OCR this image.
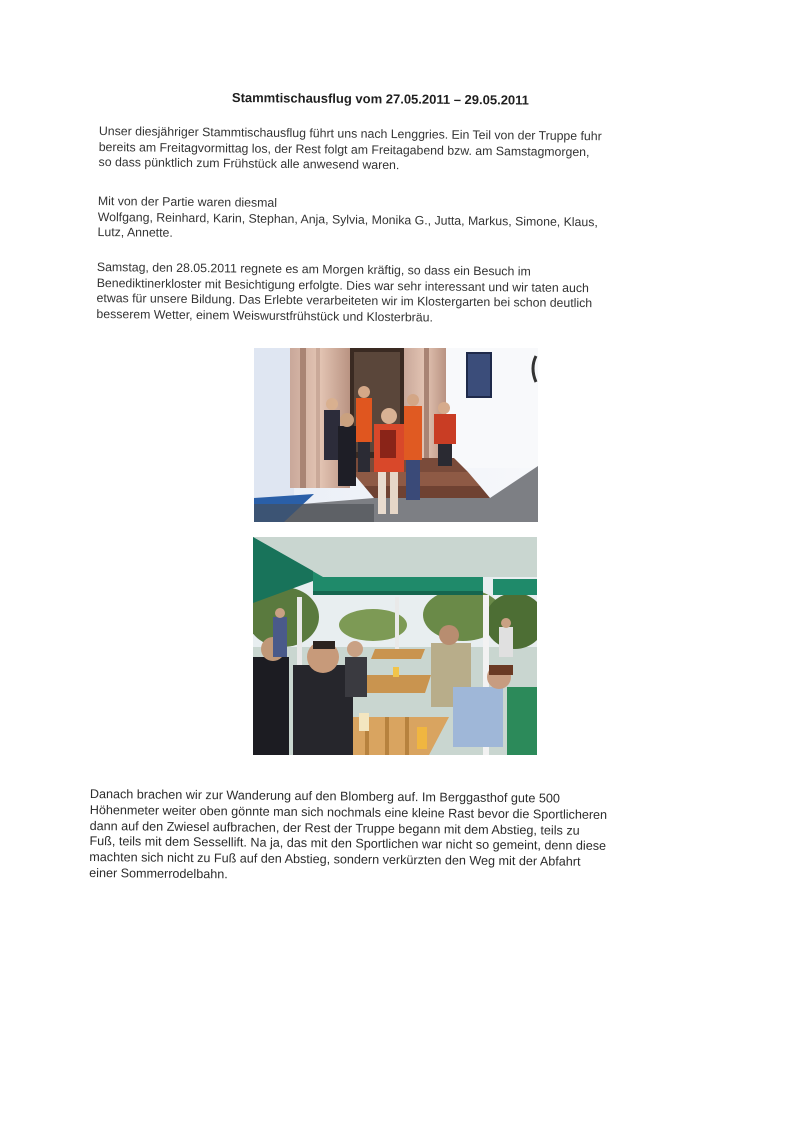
Stammtischausflug vom 27.05.2011 – 29.05.2011
Unser diesjähriger Stammtischausflug führt uns nach Lenggries. Ein Teil von der Truppe fuhr
bereits am Freitagvormittag los, der Rest folgt am Freitagabend bzw. am Samstagmorgen,
so dass pünktlich zum Frühstück alle anwesend waren.
Mit von der Partie waren diesmal
Wolfgang, Reinhard, Karin, Stephan, Anja, Sylvia, Monika G., Jutta, Markus, Simone, Klaus,
Lutz, Annette.
Samstag, den 28.05.2011 regnete es am Morgen kräftig, so dass ein Besuch im
Benediktinerkloster mit Besichtigung erfolgte. Dies war sehr interessant und wir taten auch
etwas für unsere Bildung. Das Erlebte verarbeiteten wir im Klostergarten bei schon deutlich
besserem Wetter, einem Weiswurstfrühstück und Klosterbräu.
Danach brachen wir zur Wanderung auf den Blomberg auf. Im Berggasthof gute 500
Höhenmeter weiter oben gönnte man sich nochmals eine kleine Rast bevor die Sportlicheren
dann auf den Zwiesel aufbrachen, der Rest der Truppe begann mit dem Abstieg, teils zu
Fuß, teils mit dem Sessellift. Na ja, das mit den Sportlichen war nicht so gemeint, denn diese
machten sich nicht zu Fuß auf den Abstieg, sondern verkürzten den Weg mit der Abfahrt
einer Sommerrodelbahn.
